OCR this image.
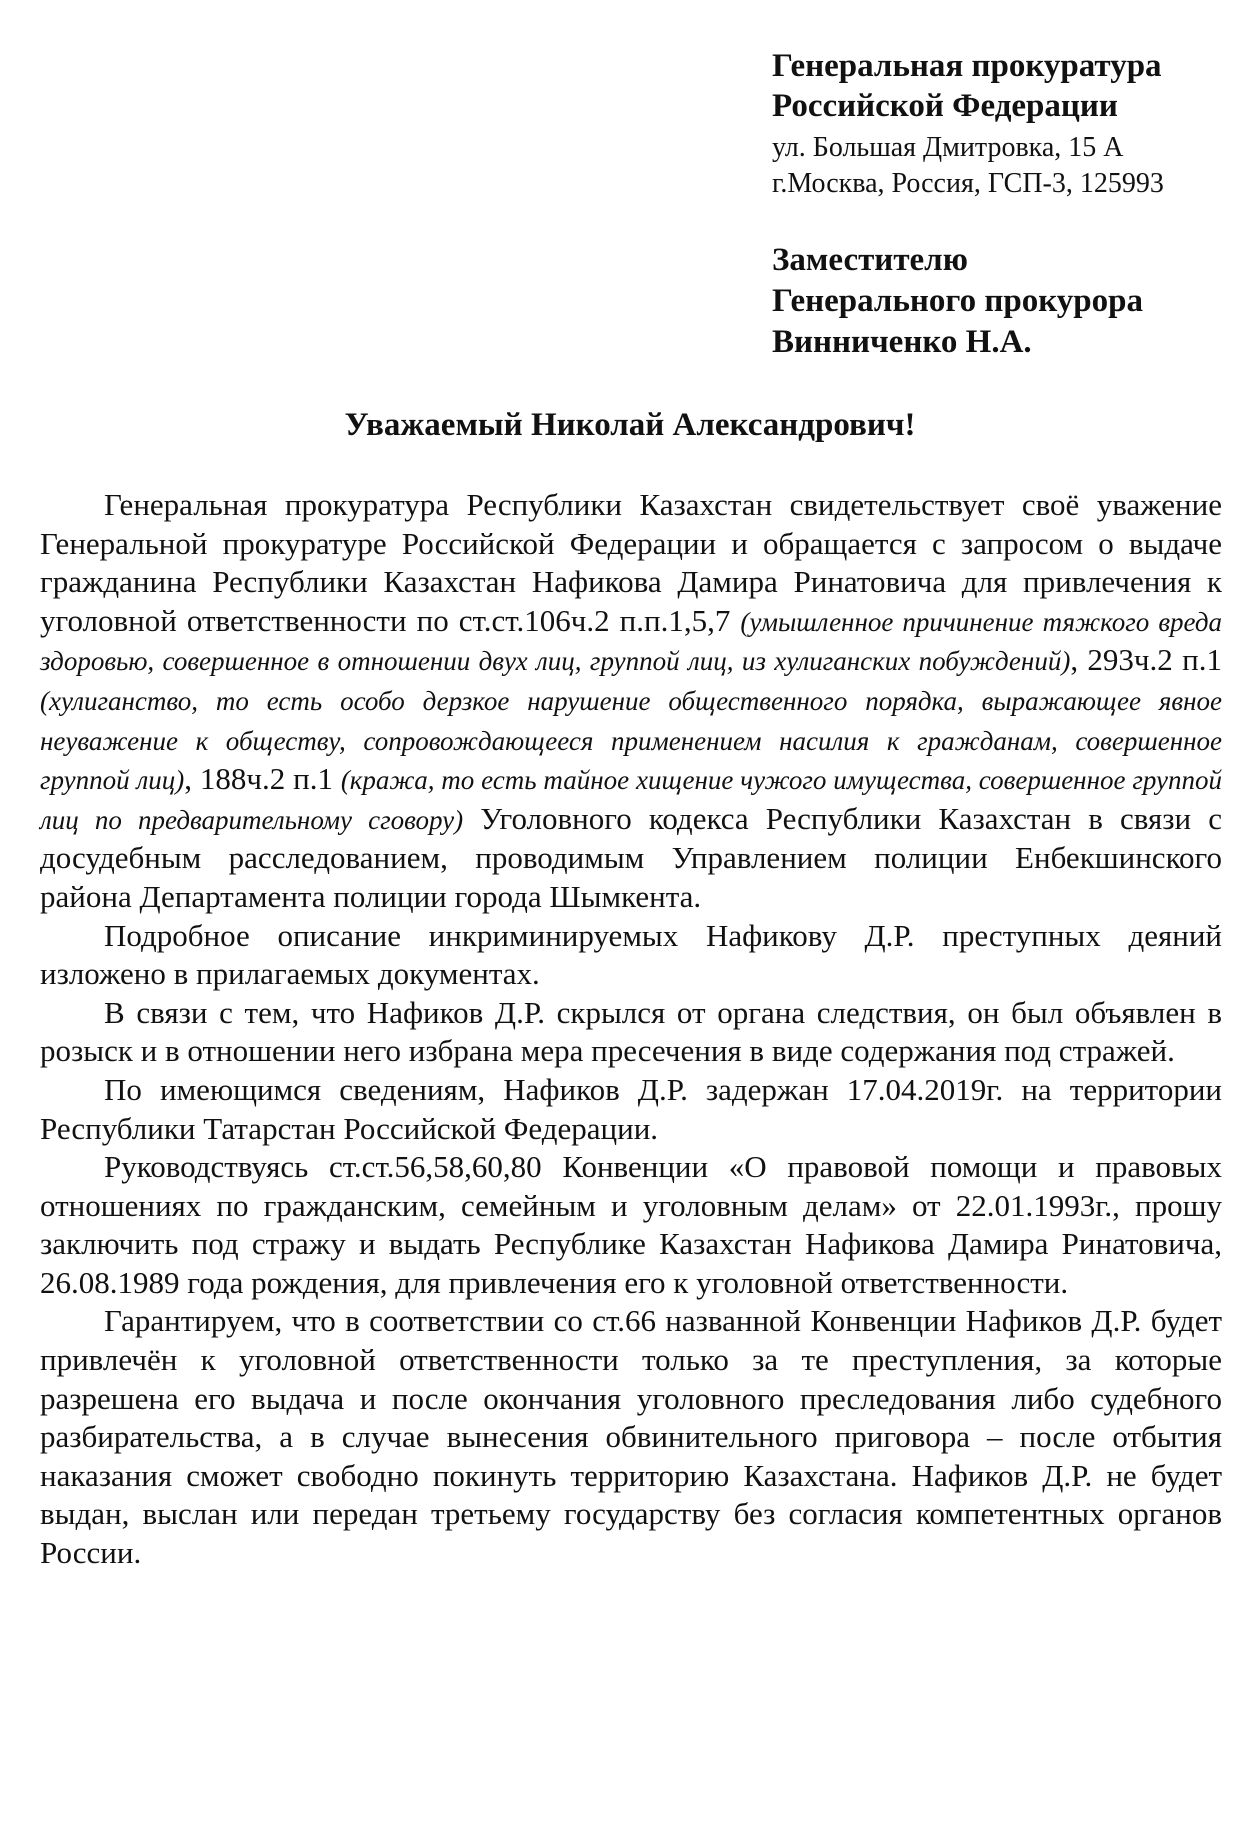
Генеральная прокуратура
Российской Федерации
ул. Большая Дмитровка, 15 А
г.Москва, Россия, ГСП-3, 125993
Заместителю
Генерального прокурора
Винниченко Н.А.
Уважаемый Николай Александрович!

Генеральная прокуратура Республики Казахстан свидетельствует своё уважение Генеральной прокуратуре Российской Федерации и обращается с запросом о выдаче гражданина Республики Казахстан Нафикова Дамира Ринатовича для привлечения к уголовной ответственности по ст.ст.106ч.2 п.п.1,5,7 (умышленное причинение тяжкого вреда здоровью, совершенное в отношении двух лиц, группой лиц, из хулиганских побуждений), 293ч.2 п.1 (хулиганство, то есть особо дерзкое нарушение общественного порядка, выражающее явное неуважение к обществу, сопровождающееся применением насилия к гражданам, совершенное группой лиц), 188ч.2 п.1 (кража, то есть тайное хищение чужого имущества, совершенное группой лиц по предварительному сговору) Уголовного кодекса Республики Казахстан в связи с досудебным расследованием, проводимым Управлением полиции Енбекшинского района Департамента полиции города Шымкента.

Подробное описание инкриминируемых Нафикову Д.Р. преступных деяний изложено в прилагаемых документах.

В связи с тем, что Нафиков Д.Р. скрылся от органа следствия, он был объявлен в розыск и в отношении него избрана мера пресечения в виде содержания под стражей.

По имеющимся сведениям, Нафиков Д.Р. задержан 17.04.2019г. на территории Республики Татарстан Российской Федерации.

Руководствуясь ст.ст.56,58,60,80 Конвенции «О правовой помощи и правовых отношениях по гражданским, семейным и уголовным делам» от 22.01.1993г., прошу заключить под стражу и выдать Республике Казахстан Нафикова Дамира Ринатовича, 26.08.1989 года рождения, для привлечения его к уголовной ответственности.

Гарантируем, что в соответствии со ст.66 названной Конвенции Нафиков Д.Р. будет привлечён к уголовной ответственности только за те преступления, за которые разрешена его выдача и после окончания уголовного преследования либо судебного разбирательства, а в случае вынесения обвинительного приговора – после отбытия наказания сможет свободно покинуть территорию Казахстана. Нафиков Д.Р. не будет выдан, выслан или передан третьему государству без согласия компетентных органов России.
